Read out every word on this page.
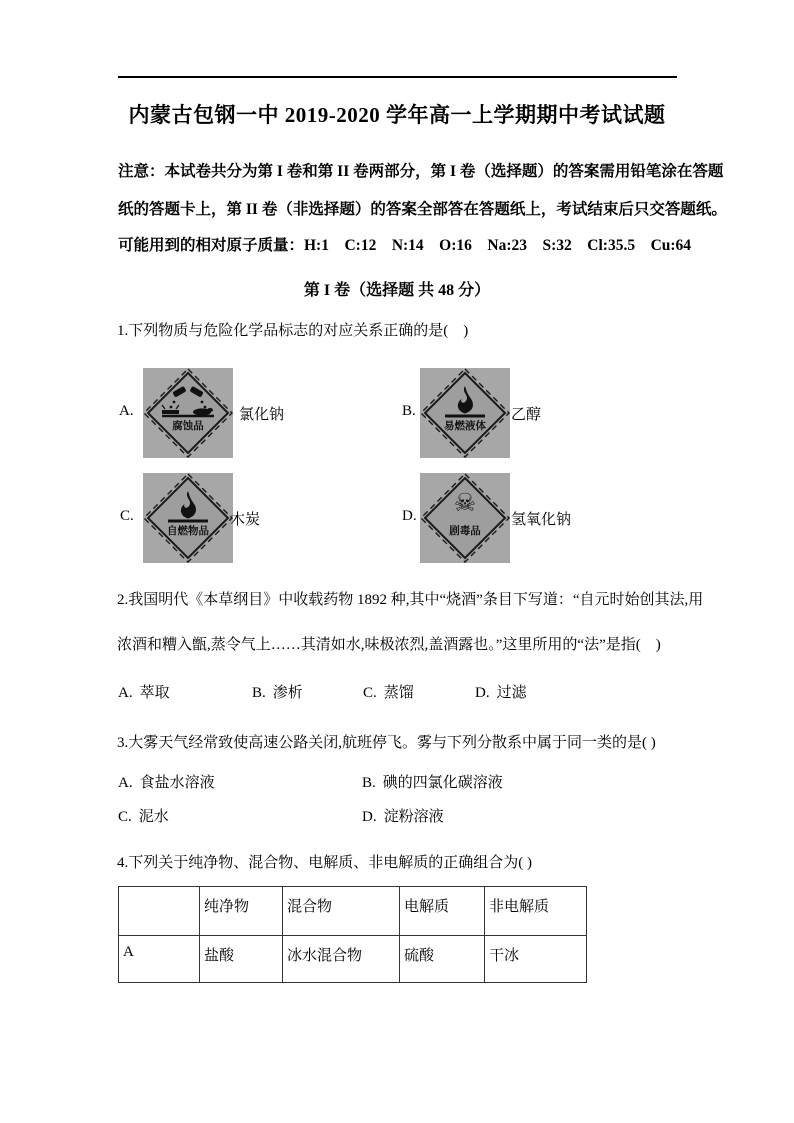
内蒙古包钢一中 2019-2020 学年高一上学期期中考试试题
注意：本试卷共分为第 I 卷和第 II 卷两部分，第 I 卷（选择题）的答案需用铅笔涂在答题
纸的答题卡上，第 II 卷（非选择题）的答案全部答在答题纸上，考试结束后只交答题纸。
可能用到的相对原子质量：H:1　C:12　N:14　O:16　Na:23　S:32　Cl:35.5　Cu:64
第 I 卷（选择题 共 48 分）
1.下列物质与危险化学品标志的对应关系正确的是(　)
A.
腐蚀品
氯化钠	B.
易燃液体
乙醇
C.
自燃物品
木炭	D.	☠
剧毒品
氢氧化钠
2.我国明代《本草纲目》中收载药物 1892 种,其中“烧酒”条目下写道：“自元时始创其法,用
浓酒和糟入甑,蒸令气上……其清如水,味极浓烈,盖酒露也。”这里所用的“法”是指(　)
A. 萃取	B. 渗析	C. 蒸馏	D. 过滤
3.大雾天气经常致使高速公路关闭,航班停飞。雾与下列分散系中属于同一类的是( )
A. 食盐水溶液	B. 碘的四氯化碳溶液
C. 泥水	D. 淀粉溶液
4.下列关于纯净物、混合物、电解质、非电解质的正确组合为( )
	纯净物	混合物	电解质	非电解质
A	盐酸	冰水混合物	硫酸	干冰
